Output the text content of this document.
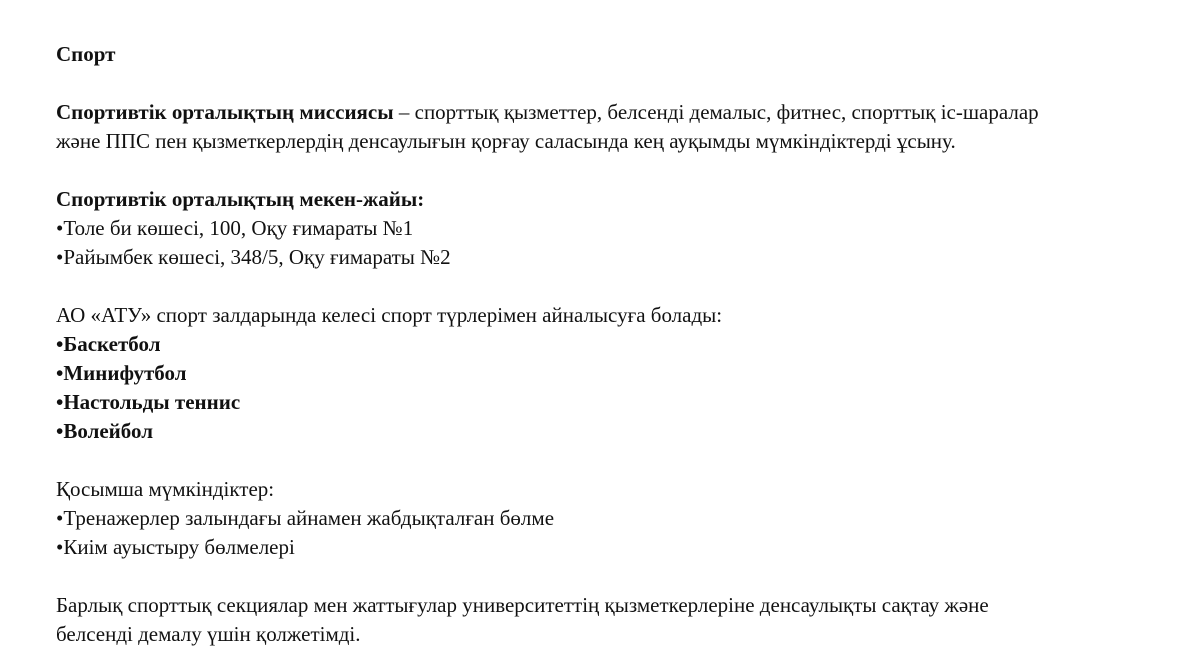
Спорт
Спортивтік орталықтың миссиясы – спорттық қызметтер, белсенді демалыс, фитнес, спорттық іс-шаралар
және ППС пен қызметкерлердің денсаулығын қорғау саласында кең ауқымды мүмкіндіктерді ұсыну.
Спортивтік орталықтың мекен-жайы:
•Толе би көшесі, 100, Оқу ғимараты №1
•Райымбек көшесі, 348/5, Оқу ғимараты №2
АО «АТУ» спорт залдарында келесі спорт түрлерімен айналысуға болады:
•Баскетбол
•Минифутбол
•Настольды теннис
•Волейбол
Қосымша мүмкіндіктер:
•Тренажерлер залындағы айнамен жабдықталған бөлме
•Киім ауыстыру бөлмелері
Барлық спорттық секциялар мен жаттығулар университеттің қызметкерлеріне денсаулықты сақтау және
белсенді демалу үшін қолжетімді.
